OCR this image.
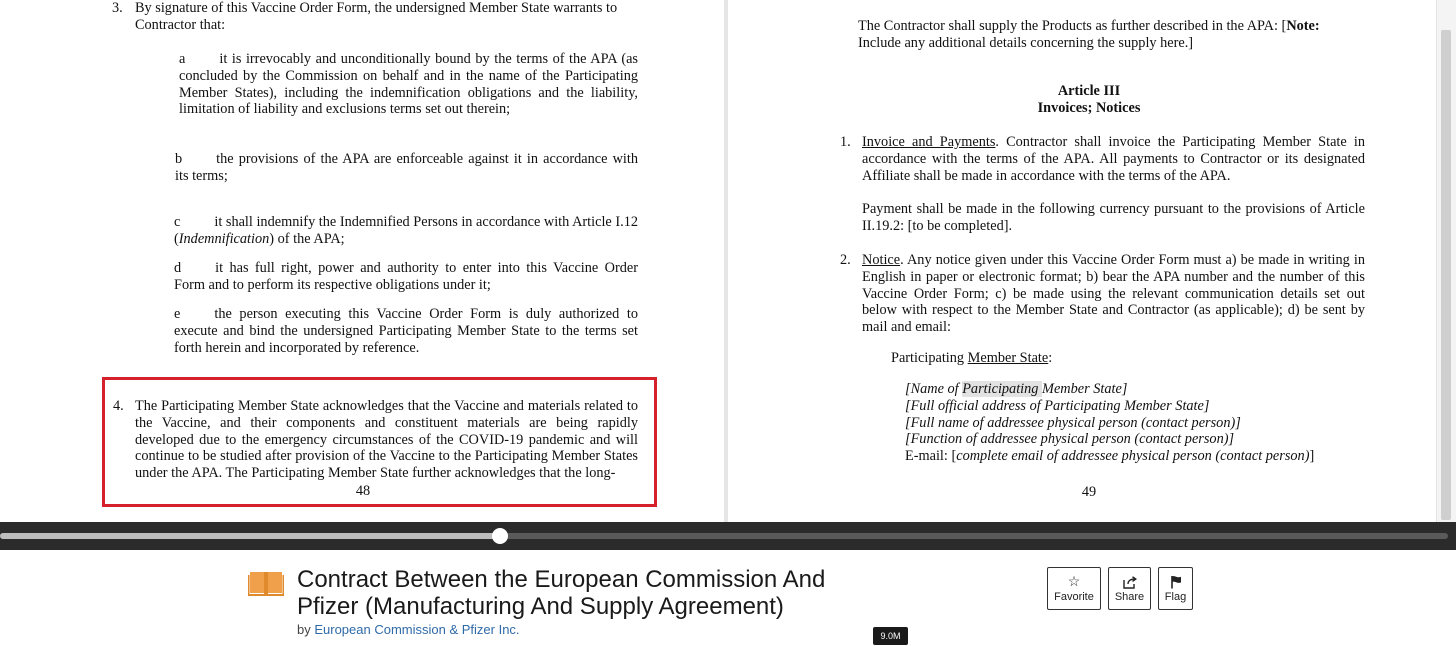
3. By signature of this Vaccine Order Form, the undersigned Member State warrants to
Contractor that:
a it is irrevocably and unconditionally bound by the terms of the APA (as concluded by the Commission on behalf and in the name of the Participating Member States), including the indemnification obligations and the liability, limitation of liability and exclusions terms set out therein;
b the provisions of the APA are enforceable against it in accordance with its terms;
c it shall indemnify the Indemnified Persons in accordance with Article I.12 (Indemnification) of the APA;
d it has full right, power and authority to enter into this Vaccine Order Form and to perform its respective obligations under it;
e the person executing this Vaccine Order Form is duly authorized to execute and bind the undersigned Participating Member State to the terms set forth herein and incorporated by reference.
4. The Participating Member State acknowledges that the Vaccine and materials related to the Vaccine, and their components and constituent materials are being rapidly developed due to the emergency circumstances of the COVID-19 pandemic and will continue to be studied after provision of the Vaccine to the Participating Member States under the APA. The Participating Member State further acknowledges that the long-
48
The Contractor shall supply the Products as further described in the APA: [Note:
Include any additional details concerning the supply here.]
Article III
Invoices; Notices
1. Invoice and Payments. Contractor shall invoice the Participating Member State in accordance with the terms of the APA. All payments to Contractor or its designated Affiliate shall be made in accordance with the terms of the APA.
Payment shall be made in the following currency pursuant to the provisions of Article II.19.2: [to be completed].
2. Notice. Any notice given under this Vaccine Order Form must a) be made in writing in English in paper or electronic format; b) bear the APA number and the number of this Vaccine Order Form; c) be made using the relevant communication details set out below with respect to the Member State and Contractor (as applicable); d) be sent by mail and email:
Participating Member State:
[Name of Participating Member State]
[Full official address of Participating Member State]
[Full name of addressee physical person (contact person)]
[Function of addressee physical person (contact person)]
E-mail: [complete email of addressee physical person (contact person)]
49
Contract Between the European Commission And Pfizer (Manufacturing And Supply Agreement)
by European Commission & Pfizer Inc.	9.0M
☆
Favorite	Share	Flag
